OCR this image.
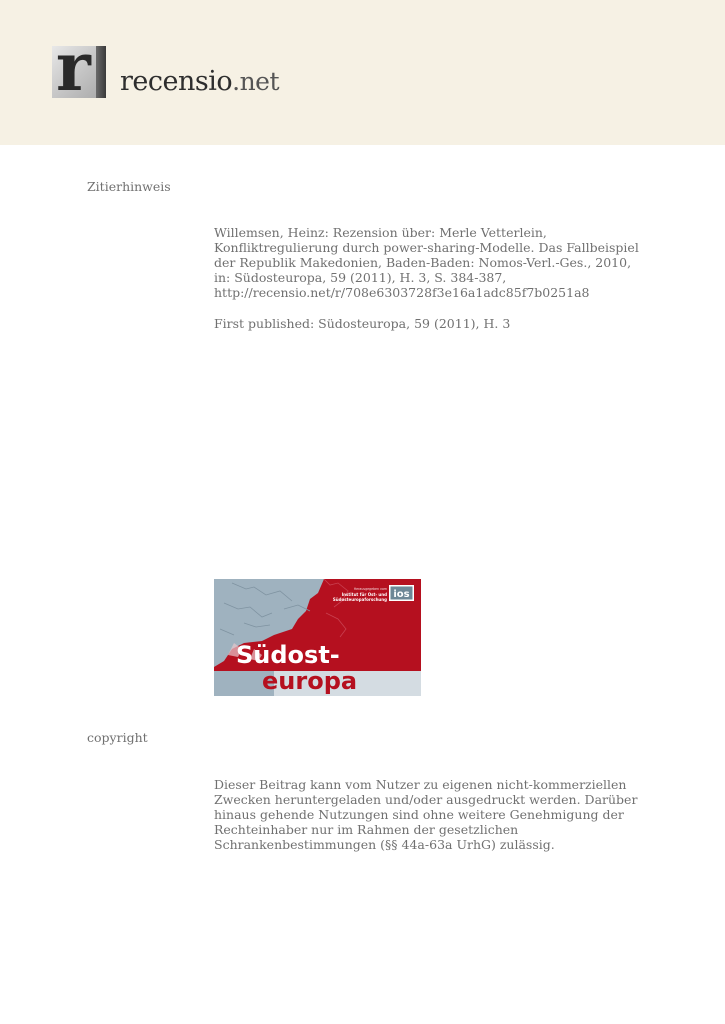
r recensio.net
Zitierhinweis
Willemsen, Heinz: Rezension über: Merle Vetterlein,
Konfliktregulierung durch power-sharing-Modelle. Das Fallbeispiel
der Republik Makedonien, Baden-Baden: Nomos-Verl.-Ges., 2010,
in: Südosteuropa, 59 (2011), H. 3, S. 384-387,
http://recensio.net/r/708e6303728f3e16a1adc85f7b0251a8
First published: Südosteuropa, 59 (2011), H. 3
Herausgegeben vom
Institut für Ost- und
Südosteuropaforschung ios
Südost-
europa
copyright
Dieser Beitrag kann vom Nutzer zu eigenen nicht-kommerziellen
Zwecken heruntergeladen und/oder ausgedruckt werden. Darüber
hinaus gehende Nutzungen sind ohne weitere Genehmigung der
Rechteinhaber nur im Rahmen der gesetzlichen
Schrankenbestimmungen (§§ 44a-63a UrhG) zulässig.
